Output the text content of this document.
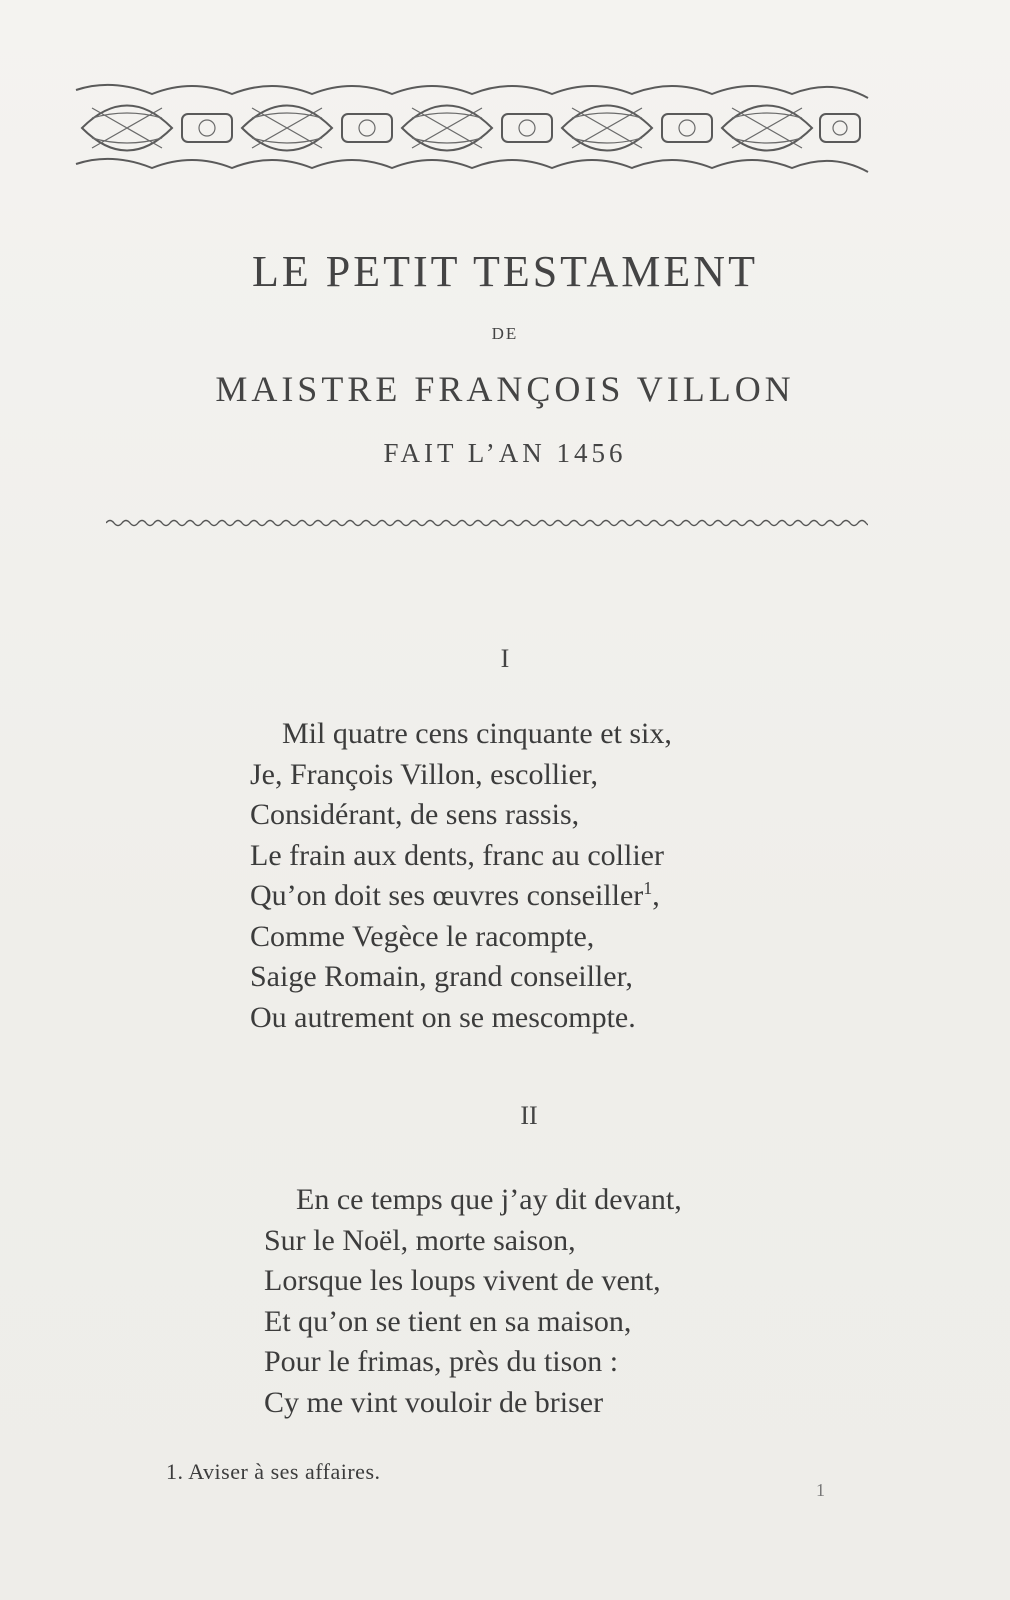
LE PETIT TESTAMENT

DE

MAISTRE FRANÇOIS VILLON

FAIT L’AN 1456

I

Mil quatre cens cinquante et six,
Je, François Villon, escollier,
Considérant, de sens rassis,
Le frain aux dents, franc au collier
Qu’on doit ses œuvres conseiller$^1$,
Comme Vegèce le racompte,
Saige Romain, grand conseiller,
Ou autrement on se mescompte.

II

En ce temps que j’ay dit devant,
Sur le Noël, morte saison,
Lorsque les loups vivent de vent,
Et qu’on se tient en sa maison,
Pour le frimas, près du tison :
Cy me vint vouloir de briser

1. Aviser à ses affaires.

1
